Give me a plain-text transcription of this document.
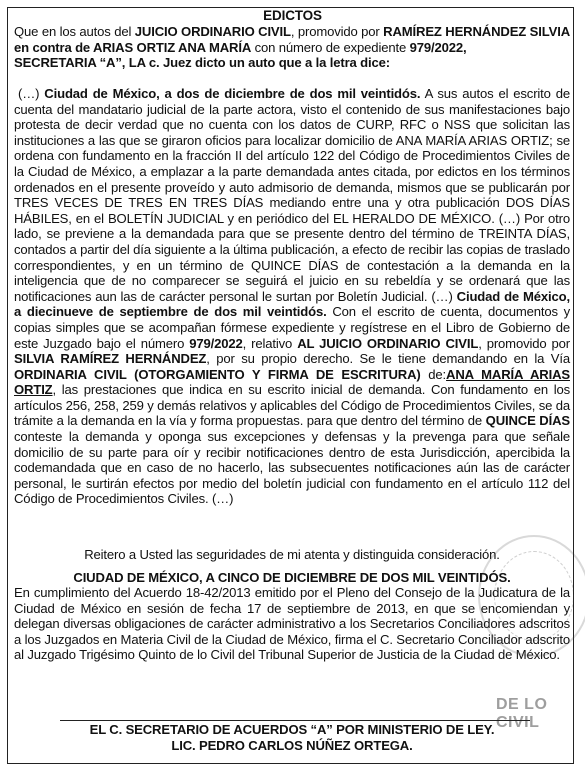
EDICTOS
Que en los autos del JUICIO ORDINARIO CIVIL, promovido por RAMÍREZ HERNÁNDEZ SILVIA en contra de ARIAS ORTIZ ANA MARÍA con número de expediente 979/2022,
SECRETARIA “A”, LA c. Juez dicto un auto que a la letra dice:
(…) Ciudad de México, a dos de diciembre de dos mil veintidós. A sus autos el escrito de cuenta del mandatario judicial de la parte actora, visto el contenido de sus manifestaciones bajo protesta de decir verdad que no cuenta con los datos de CURP, RFC o NSS que solicitan las instituciones a las que se giraron oficios para localizar domicilio de ANA MARÍA ARIAS ORTIZ; se ordena con fundamento en la fracción II del artículo 122 del Código de Procedimientos Civiles de la Ciudad de México, a emplazar a la parte demandada antes citada, por edictos en los términos ordenados en el presente proveído y auto admisorio de demanda, mismos que se publicarán por TRES VECES DE TRES EN TRES DÍAS mediando entre una y otra publicación DOS DÍAS HÁBILES, en el BOLETÍN JUDICIAL y en periódico del EL HERALDO DE MÉXICO. (…) Por otro lado, se previene a la demandada para que se presente dentro del término de TREINTA DÍAS, contados a partir del día siguiente a la última publicación, a efecto de recibir las copias de traslado correspondientes, y en un término de QUINCE DÍAS de contestación a la demanda en la inteligencia que de no comparecer se seguirá el juicio en su rebeldía y se ordenará que las notificaciones aun las de carácter personal le surtan por Boletín Judicial. (…) Ciudad de México, a diecinueve de septiembre de dos mil veintidós. Con el escrito de cuenta, documentos y copias simples que se acompañan fórmese expediente y regístrese en el Libro de Gobierno de este Juzgado bajo el número 979/2022, relativo AL JUICIO ORDINARIO CIVIL, promovido por SILVIA RAMÍREZ HERNÁNDEZ, por su propio derecho. Se le tiene demandando en la Vía ORDINARIA CIVIL (OTORGAMIENTO Y FIRMA DE ESCRITURA) de:ANA MARÍA ARIAS ORTIZ, las prestaciones que indica en su escrito inicial de demanda. Con fundamento en los artículos 256, 258, 259 y demás relativos y aplicables del Código de Procedimientos Civiles, se da trámite a la demanda en la vía y forma propuestas. para que dentro del término de QUINCE DÍAS conteste la demanda y oponga sus excepciones y defensas y la prevenga para que señale domicilio de su parte para oír y recibir notificaciones dentro de esta Jurisdicción, apercibida la codemandada que en caso de no hacerlo, las subsecuentes notificaciones aún las de carácter personal, le surtirán efectos por medio del boletín judicial con fundamento en el artículo 112 del Código de Procedimientos Civiles. (…)
Reitero a Usted las seguridades de mi atenta y distinguida consideración.
CIUDAD DE MÉXICO, A CINCO DE DICIEMBRE DE DOS MIL VEINTIDÓS.
En cumplimiento del Acuerdo 18-42/2013 emitido por el Pleno del Consejo de la Judicatura de la Ciudad de México en sesión de fecha 17 de septiembre de 2013, en que se encomiendan y delegan diversas obligaciones de carácter administrativo a los Secretarios Conciliadores adscritos a los Juzgados en Materia Civil de la Ciudad de México, firma el C. Secretario Conciliador adscrito al Juzgado Trigésimo Quinto de lo Civil del Tribunal Superior de Justicia de la Ciudad de México.
DE LO CIVIL
EL C. SECRETARIO DE ACUERDOS “A” POR MINISTERIO DE LEY.
LIC. PEDRO CARLOS NÚÑEZ ORTEGA.
